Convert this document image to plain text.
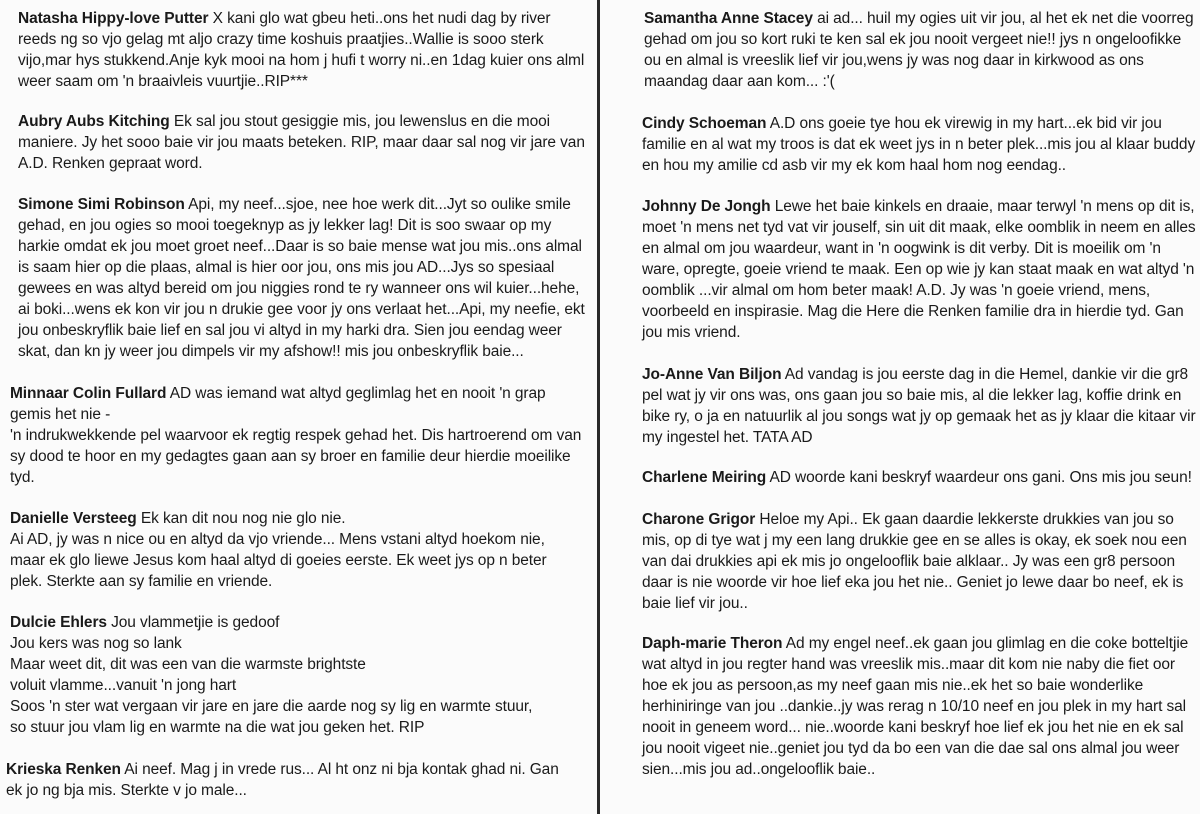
Natasha Hippy-love Putter X kani glo wat gbeu heti..ons het nudi dag by river
reeds ng so vjo gelag mt aljo crazy time koshuis praatjies..Wallie is sooo sterk
vijo,mar hys stukkend.Anje kyk mooi na hom j hufi t worry ni..en 1dag kuier ons alml
weer saam om 'n braaivleis vuurtjie..RIP***
Aubry Aubs Kitching Ek sal jou stout gesiggie mis, jou lewenslus en die mooi
maniere. Jy het sooo baie vir jou maats beteken. RIP, maar daar sal nog vir jare van
A.D. Renken gepraat word.
Simone Simi Robinson Api, my neef...sjoe, nee hoe werk dit...Jyt so oulike smile
gehad, en jou ogies so mooi toegeknyp as jy lekker lag! Dit is soo swaar op my
harkie omdat ek jou moet groet neef...Daar is so baie mense wat jou mis..ons almal
is saam hier op die plaas, almal is hier oor jou, ons mis jou AD...Jys so spesiaal
gewees en was altyd bereid om jou niggies rond te ry wanneer ons wil kuier...hehe,
ai boki...wens ek kon vir jou n drukie gee voor jy ons verlaat het...Api, my neefie, ekt
jou onbeskryflik baie lief en sal jou vi altyd in my harki dra. Sien jou eendag weer
skat, dan kn jy weer jou dimpels vir my afshow!! mis jou onbeskryflik baie...
Minnaar Colin Fullard AD was iemand wat altyd geglimlag het en nooit 'n grap
gemis het nie -
'n indrukwekkende pel waarvoor ek regtig respek gehad het. Dis hartroerend om van
sy dood te hoor en my gedagtes gaan aan sy broer en familie deur hierdie moeilike
tyd.
Danielle Versteeg Ek kan dit nou nog nie glo nie.
Ai AD, jy was n nice ou en altyd da vjo vriende... Mens vstani altyd hoekom nie,
maar ek glo liewe Jesus kom haal altyd di goeies eerste. Ek weet jys op n beter
plek. Sterkte aan sy familie en vriende.
Dulcie Ehlers Jou vlammetjie is gedoof
Jou kers was nog so lank
Maar weet dit, dit was een van die warmste brightste
voluit vlamme...vanuit 'n jong hart
Soos 'n ster wat vergaan vir jare en jare die aarde nog sy lig en warmte stuur,
so stuur jou vlam lig en warmte na die wat jou geken het. RIP
Krieska Renken Ai neef. Mag j in vrede rus... Al ht onz ni bja kontak ghad ni. Gan
ek jo ng bja mis. Sterkte v jo male...
Samantha Anne Stacey ai ad... huil my ogies uit vir jou, al het ek net die voorreg
gehad om jou so kort ruki te ken sal ek jou nooit vergeet nie!! jys n ongeloofikke
ou en almal is vreeslik lief vir jou,wens jy was nog daar in kirkwood as ons
maandag daar aan kom... :'(
Cindy Schoeman A.D ons goeie tye hou ek virewig in my hart...ek bid vir jou
familie en al wat my troos is dat ek weet jys in n beter plek...mis jou al klaar buddy
en hou my amilie cd asb vir my ek kom haal hom nog eendag..
Johnny De Jongh Lewe het baie kinkels en draaie, maar terwyl 'n mens op dit is,
moet 'n mens net tyd vat vir jouself, sin uit dit maak, elke oomblik in neem en alles
en almal om jou waardeur, want in 'n oogwink is dit verby. Dit is moeilik om 'n
ware, opregte, goeie vriend te maak. Een op wie jy kan staat maak en wat altyd 'n
oomblik ...vir almal om hom beter maak! A.D. Jy was 'n goeie vriend, mens,
voorbeeld en inspirasie. Mag die Here die Renken familie dra in hierdie tyd. Gan
jou mis vriend.
Jo-Anne Van Biljon Ad vandag is jou eerste dag in die Hemel, dankie vir die gr8
pel wat jy vir ons was, ons gaan jou so baie mis, al die lekker lag, koffie drink en
bike ry, o ja en natuurlik al jou songs wat jy op gemaak het as jy klaar die kitaar vir
my ingestel het. TATA AD
Charlene Meiring AD woorde kani beskryf waardeur ons gani. Ons mis jou seun!
Charone Grigor Heloe my Api.. Ek gaan daardie lekkerste drukkies van jou so
mis, op di tye wat j my een lang drukkie gee en se alles is okay, ek soek nou een
van dai drukkies api ek mis jo ongelooflik baie alklaar.. Jy was een gr8 persoon
daar is nie woorde vir hoe lief eka jou het nie.. Geniet jo lewe daar bo neef, ek is
baie lief vir jou..
Daph-marie Theron Ad my engel neef..ek gaan jou glimlag en die coke botteltjie
wat altyd in jou regter hand was vreeslik mis..maar dit kom nie naby die fiet oor
hoe ek jou as persoon,as my neef gaan mis nie..ek het so baie wonderlike
herhiniringe van jou ..dankie..jy was rerag n 10/10 neef en jou plek in my hart sal
nooit in geneem word... nie..woorde kani beskryf hoe lief ek jou het nie en ek sal
jou nooit vigeet nie..geniet jou tyd da bo een van die dae sal ons almal jou weer
sien...mis jou ad..ongelooflik baie..
